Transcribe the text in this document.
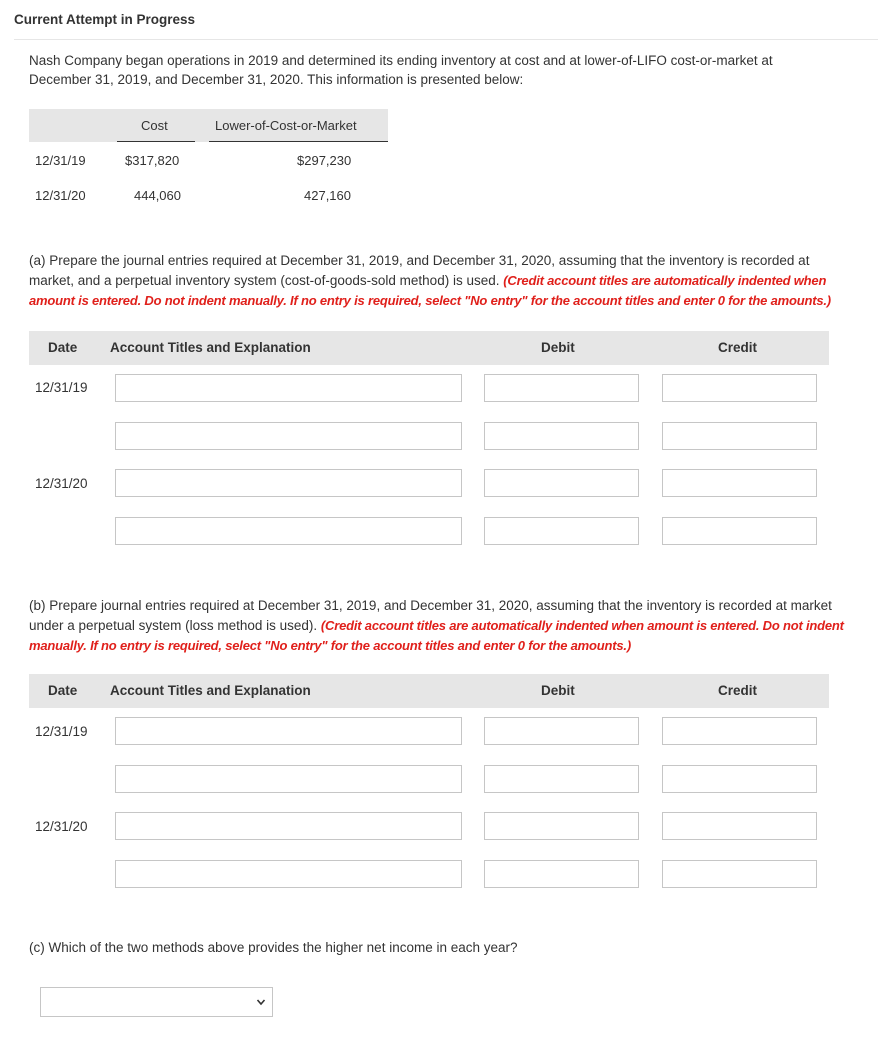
Current Attempt in Progress
Nash Company began operations in 2019 and determined its ending inventory at cost and at lower-of-LIFO cost-or-market at December 31, 2019, and December 31, 2020. This information is presented below:
Cost	Lower-of-Cost-or-Market
12/31/19	$317,820	$297,230
12/31/20	444,060	427,160
(a) Prepare the journal entries required at December 31, 2019, and December 31, 2020, assuming that the inventory is recorded at market, and a perpetual inventory system (cost-of-goods-sold method) is used. (Credit account titles are automatically indented when amount is entered. Do not indent manually. If no entry is required, select "No entry" for the account titles and enter 0 for the amounts.)
Date Account Titles and Explanation	Debit	Credit
12/31/19
12/31/20
(b) Prepare journal entries required at December 31, 2019, and December 31, 2020, assuming that the inventory is recorded at market under a perpetual system (loss method is used). (Credit account titles are automatically indented when amount is entered. Do not indent manually. If no entry is required, select "No entry" for the account titles and enter 0 for the amounts.)
Date Account Titles and Explanation	Debit	Credit
12/31/19
12/31/20
(c) Which of the two methods above provides the higher net income in each year?
